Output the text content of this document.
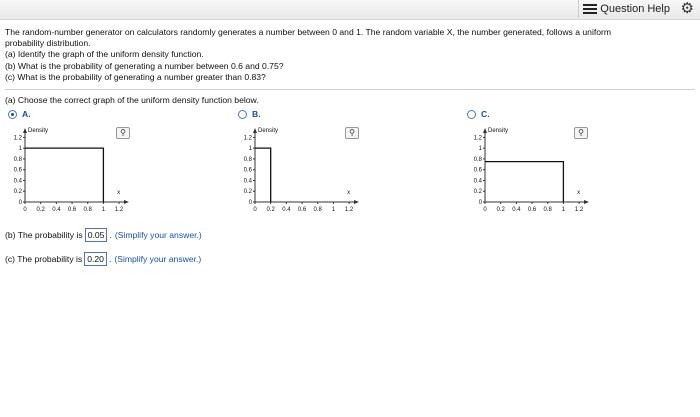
Question Help ⚙
The random-number generator on calculators randomly generates a number between 0 and 1. The random variable X, the number generated, follows a uniform
probability distribution.
(a) Identify the graph of the uniform density function.
(b) What is the probability of generating a number between 0.6 and 0.75?
(c) What is the probability of generating a number greater than 0.83?
(a) Choose the correct graph of the uniform density function below.
A.	B.	C.
Density
x
0 0.2 0.4 0.6 0.8 1 1.2
0
0.2
0.4
0.6
0.8
1
1.2
Density
x
0 0.2 0.4 0.6 0.8 1 1.2
0
0.2
0.4
0.6
0.8
1
1.2
Density
x
0 0.2 0.4 0.6 0.8 1 1.2
0
0.2
0.4
0.6
0.8
1
1.2
⚲	⚲	⚲
(b) The probability is 0.05 . (Simplify your answer.)
(c) The probability is 0.20 . (Simplify your answer.)
